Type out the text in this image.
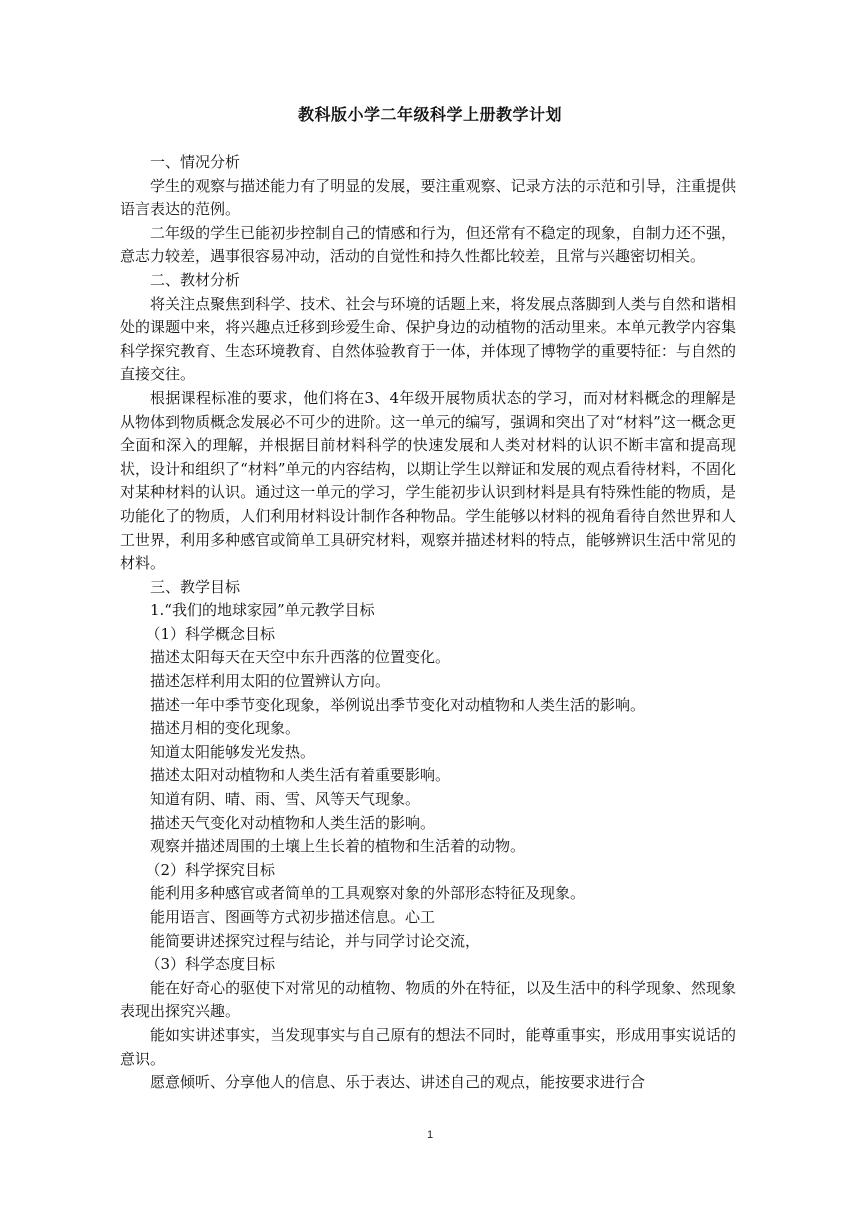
教科版小学二年级科学上册教学计划

一、情况分析

学生的观察与描述能力有了明显的发展，要注重观察、记录方法的示范和引导，注重提供语言表达的范例。

二年级的学生已能初步控制自己的情感和行为，但还常有不稳定的现象，自制力还不强，意志力较差，遇事很容易冲动，活动的自觉性和持久性都比较差，且常与兴趣密切相关。

二、教材分析

将关注点聚焦到科学、技术、社会与环境的话题上来，将发展点落脚到人类与自然和谐相处的课题中来，将兴趣点迁移到珍爱生命、保护身边的动植物的活动里来。本单元教学内容集科学探究教育、生态环境教育、自然体验教育于一体，并体现了博物学的重要特征：与自然的直接交往。

根据课程标准的要求，他们将在3、4年级开展物质状态的学习，而对材料概念的理解是从物体到物质概念发展必不可少的进阶。这一单元的编写，强调和突出了对“材料”这一概念更全面和深入的理解，并根据目前材料科学的快速发展和人类对材料的认识不断丰富和提高现状，设计和组织了“材料”单元的内容结构，以期让学生以辩证和发展的观点看待材料，不固化对某种材料的认识。通过这一单元的学习，学生能初步认识到材料是具有特殊性能的物质，是功能化了的物质，人们利用材料设计制作各种物品。学生能够以材料的视角看待自然世界和人工世界，利用多种感官或简单工具研究材料，观察并描述材料的特点，能够辨识生活中常见的材料。

三、教学目标

1.“我们的地球家园”单元教学目标

（1）科学概念目标

描述太阳每天在天空中东升西落的位置变化。

描述怎样利用太阳的位置辨认方向。

描述一年中季节变化现象，举例说出季节变化对动植物和人类生活的影响。

描述月相的变化现象。

知道太阳能够发光发热。

描述太阳对动植物和人类生活有着重要影响。

知道有阴、晴、雨、雪、风等天气现象。

描述天气变化对动植物和人类生活的影响。

观察并描述周围的土壤上生长着的植物和生活着的动物。

（2）科学探究目标

能利用多种感官或者简单的工具观察对象的外部形态特征及现象。

能用语言、图画等方式初步描述信息。心工

能简要讲述探究过程与结论，并与同学讨论交流，

（3）科学态度目标

能在好奇心的驱使下对常见的动植物、物质的外在特征，以及生活中的科学现象、然现象表现出探究兴趣。

能如实讲述事实，当发现事实与自己原有的想法不同时，能尊重事实，形成用事实说话的意识。

愿意倾听、分享他人的信息、乐于表达、讲述自己的观点，能按要求进行合

1
